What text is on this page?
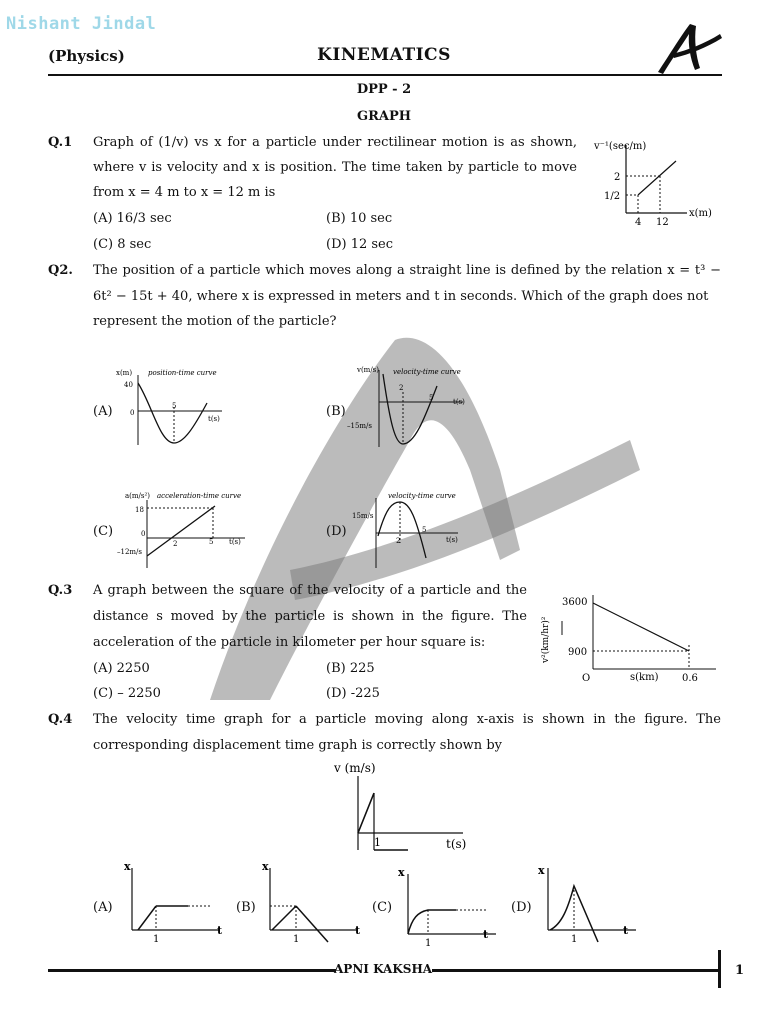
Nishant Jindal
(Physics)	KINEMATICS
DPP - 2
GRAPH
Q.1 Graph of (1/v) vs x for a particle under rectilinear motion is as shown,
where v is velocity and x is position. The time taken by particle to move
from x = 4 m to x = 12 m is
(A) 16/3 sec	(B) 10 sec
(C) 8 sec	(D) 12 sec
v⁻¹(sec/m)
2
1/2
4 12
x(m)
Q2. The position of a particle which moves along a straight line is defined by the relation x = t³ −
6t² − 15t + 40, where x is expressed in meters and t in seconds. Which of the graph does not
represent the motion of the particle?
(A)	(B)
(C)	(D)
x(m) position-time curve
40
0
5
t(s)
v(m/s) velocity-time curve
2
5	t(s)
–15m/s
a(m/s²) acceleration-time curve
18
0
2	5 t(s)
–12m/s
velocity-time curve
15m/s
2
5
t(s)
Q.3 A graph between the square of the velocity of a particle and the
distance s moved by the particle is shown in the figure. The
acceleration of the particle in kilometer per hour square is:
(A) 2250	(B) 225
(C) – 2250	(D) -225
3600
900
O	s(km) 0.6
v²(km/hr)²
Q.4 The velocity time graph for a particle moving along x-axis is shown in the figure. The
corresponding displacement time graph is correctly shown by
v (m/s)
1	t(s)
(A)	(B)	(C)	(D)
x
1
t
x
1
t
x
1
t
x
1
t
APNI KAKSHA	1
